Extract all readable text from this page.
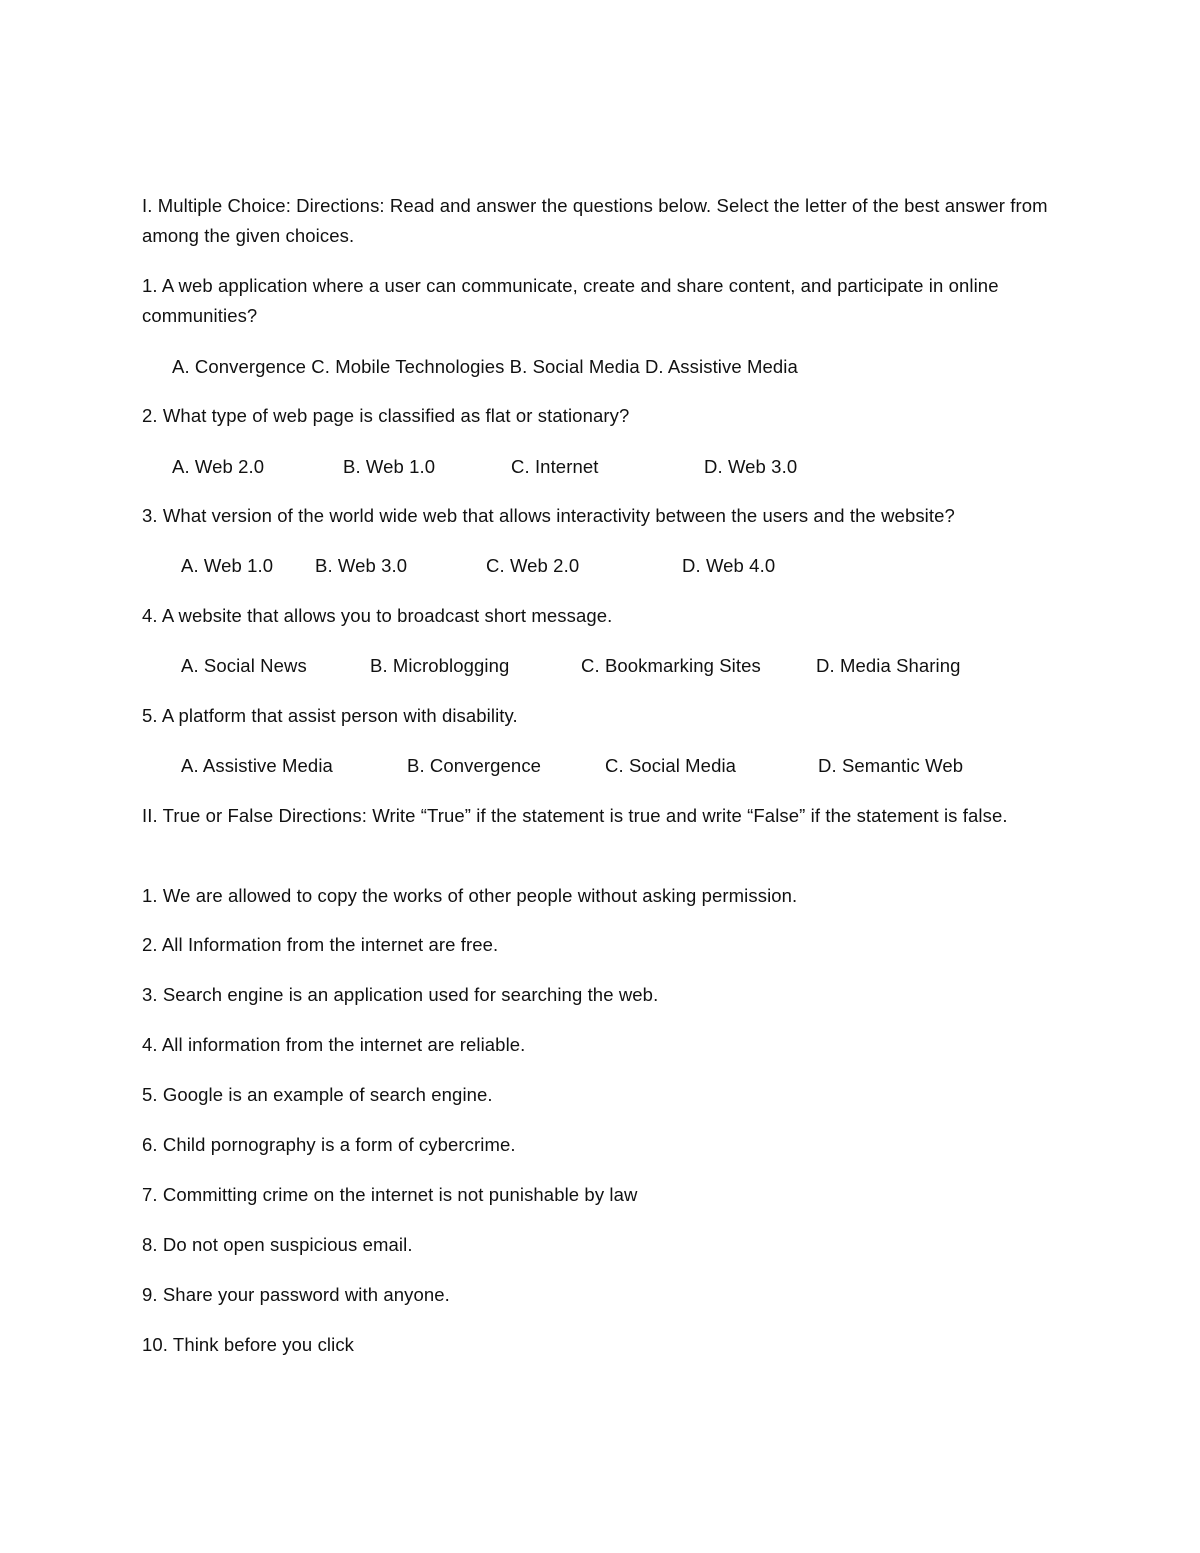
I. Multiple Choice: Directions: Read and answer the questions below. Select the letter of the best answer from among the given choices.
1. A web application where a user can communicate, create and share content, and participate in online communities?
A. Convergence C. Mobile Technologies B. Social Media D. Assistive Media
2. What type of web page is classified as flat or stationary?
A. Web 2.0	B. Web 1.0	C. Internet	D. Web 3.0
3. What version of the world wide web that allows interactivity between the users and the website?
A. Web 1.0 B. Web 3.0	C. Web 2.0	D. Web 4.0
4. A website that allows you to broadcast short message.
A. Social News	B. Microblogging	C. Bookmarking Sites	D. Media Sharing
5. A platform that assist person with disability.
A. Assistive Media	B. Convergence	C. Social Media	D. Semantic Web
II. True or False Directions: Write “True” if the statement is true and write “False” if the statement is false.
1. We are allowed to copy the works of other people without asking permission.
2. All Information from the internet are free.
3. Search engine is an application used for searching the web.
4. All information from the internet are reliable.
5. Google is an example of search engine.
6. Child pornography is a form of cybercrime.
7. Committing crime on the internet is not punishable by law
8. Do not open suspicious email.
9. Share your password with anyone.
10. Think before you click
